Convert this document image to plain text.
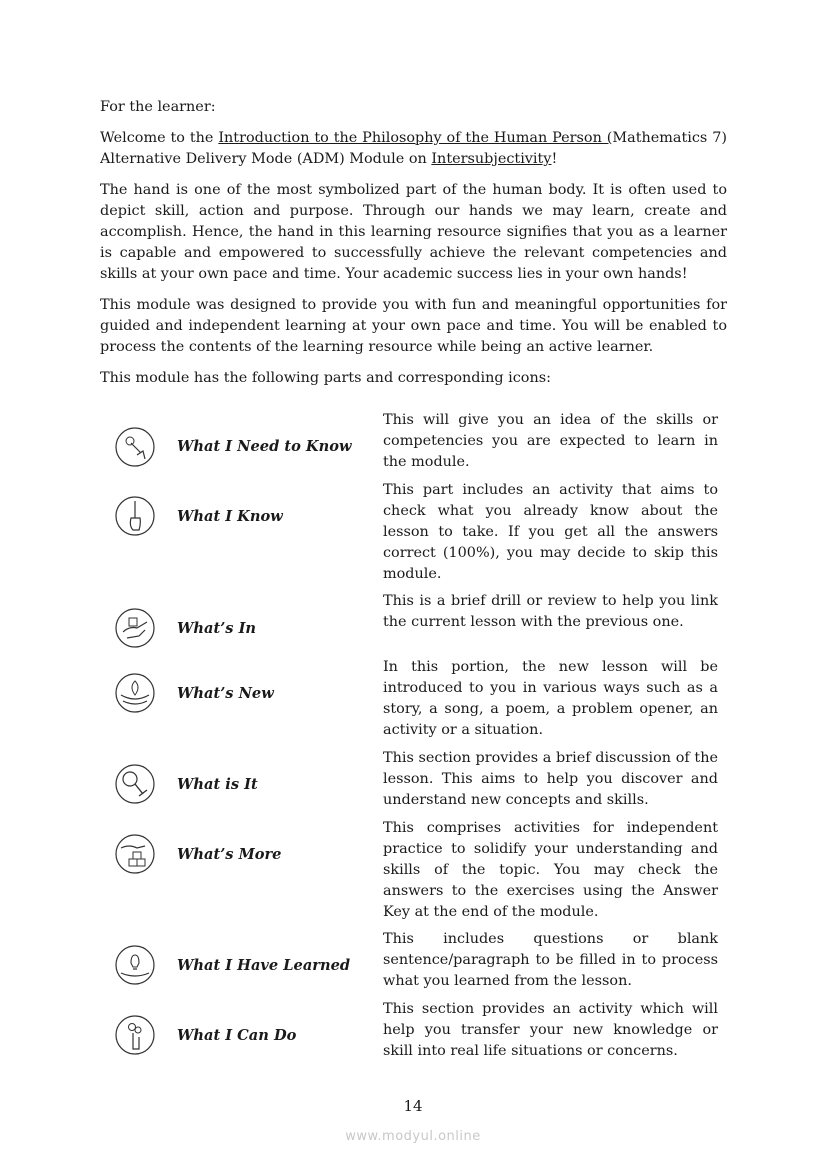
For the learner:

Welcome to the Introduction to the Philosophy of the Human Person (Mathematics 7) Alternative Delivery Mode (ADM) Module on Intersubjectivity!

The hand is one of the most symbolized part of the human body. It is often used to depict skill, action and purpose. Through our hands we may learn, create and accomplish. Hence, the hand in this learning resource signifies that you as a learner is capable and empowered to successfully achieve the relevant competencies and skills at your own pace and time. Your academic success lies in your own hands!

This module was designed to provide you with fun and meaningful opportunities for guided and independent learning at your own pace and time. You will be enabled to process the contents of the learning resource while being an active learner.

This module has the following parts and corresponding icons:

What I Need to Know
This will give you an idea of the skills or competencies you are expected to learn in the module.
What I Know
This part includes an activity that aims to check what you already know about the lesson to take. If you get all the answers correct (100%), you may decide to skip this module.
What’s In
This is a brief drill or review to help you link the current lesson with the previous one.
What’s New
In this portion, the new lesson will be introduced to you in various ways such as a story, a song, a poem, a problem opener, an activity or a situation.
What is It
This section provides a brief discussion of the lesson. This aims to help you discover and understand new concepts and skills.
What’s More
This comprises activities for independent practice to solidify your understanding and skills of the topic. You may check the answers to the exercises using the Answer Key at the end of the module.
What I Have Learned
This includes questions or blank sentence/paragraph to be filled in to process what you learned from the lesson.
What I Can Do
This section provides an activity which will help you transfer your new knowledge or skill into real life situations or concerns.
14
www.modyul.online
